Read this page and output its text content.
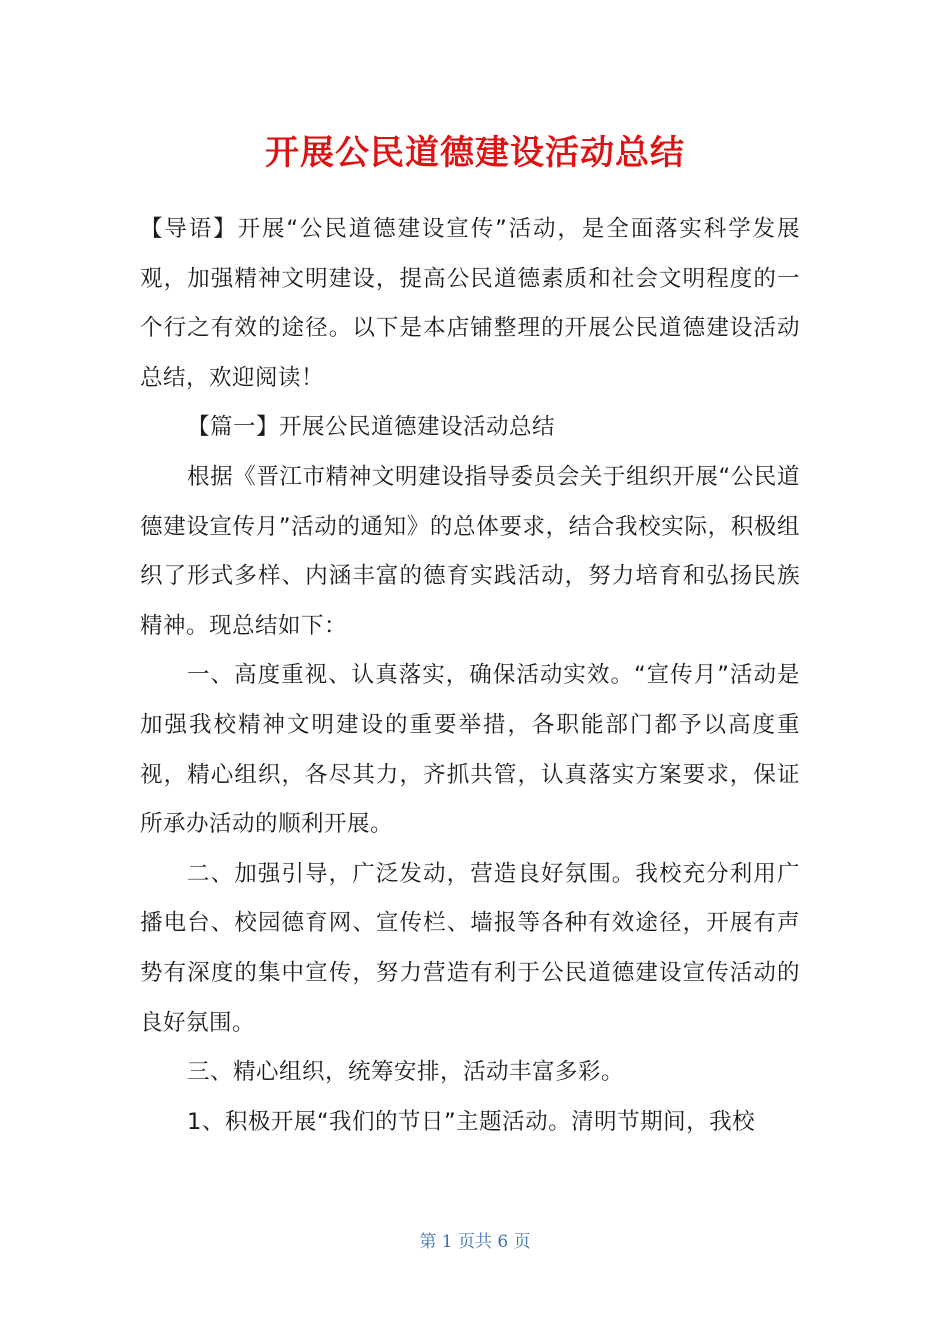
开展公民道德建设活动总结

【导语】开展“公民道德建设宣传”活动，是全面落实科学发展观，加强精神文明建设，提高公民道德素质和社会文明程度的一个行之有效的途径。以下是本店铺整理的开展公民道德建设活动总结，欢迎阅读！

【篇一】开展公民道德建设活动总结

根据《晋江市精神文明建设指导委员会关于组织开展“公民道德建设宣传月”活动的通知》的总体要求，结合我校实际，积极组织了形式多样、内涵丰富的德育实践活动，努力培育和弘扬民族精神。现总结如下：

一、高度重视、认真落实，确保活动实效。“宣传月”活动是加强我校精神文明建设的重要举措，各职能部门都予以高度重视，精心组织，各尽其力，齐抓共管，认真落实方案要求，保证所承办活动的顺利开展。

二、加强引导，广泛发动，营造良好氛围。我校充分利用广播电台、校园德育网、宣传栏、墙报等各种有效途径，开展有声势有深度的集中宣传，努力营造有利于公民道德建设宣传活动的良好氛围。

三、精心组织，统筹安排，活动丰富多彩。

1、积极开展“我们的节日”主题活动。清明节期间，我校

第 1 页共 6 页
